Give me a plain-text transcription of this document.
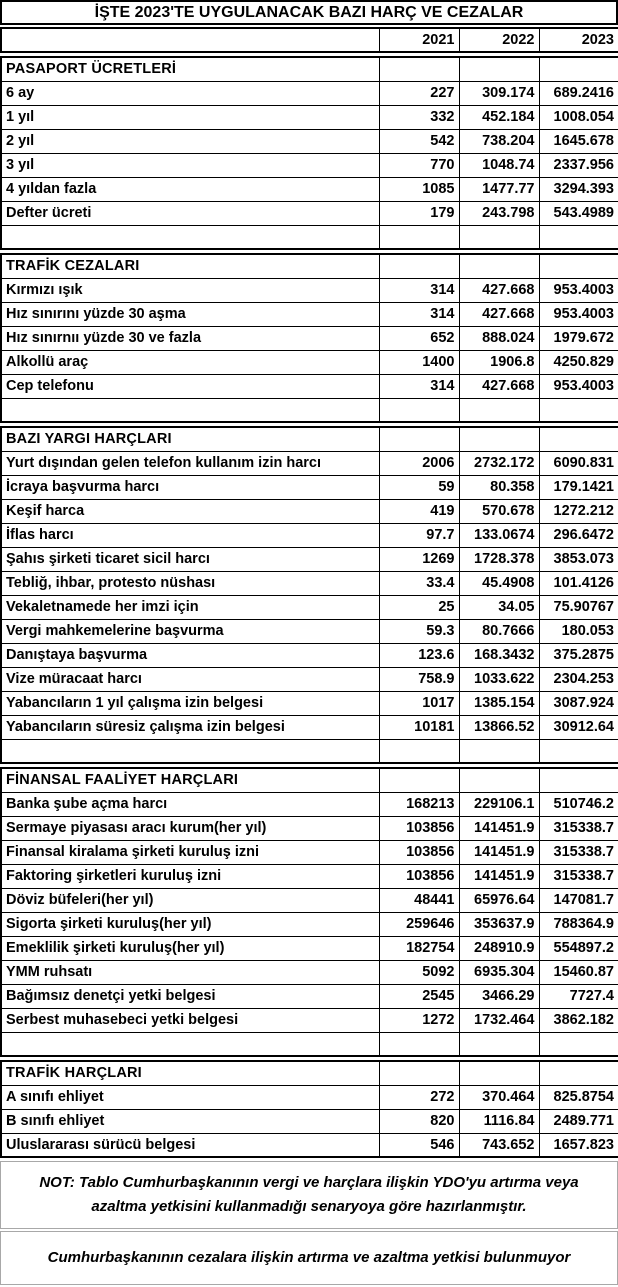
İŞTE 2023'TE UYGULANACAK BAZI HARÇ VE CEZALAR
	2021	2022	2023
PASAPORT ÜCRETLERİ			
6 ay	227	309.174	689.2416
1 yıl	332	452.184	1008.054
2 yıl	542	738.204	1645.678
3 yıl	770	1048.74	2337.956
4 yıldan fazla	1085	1477.77	3294.393
Defter ücreti	179	243.798	543.4989

TRAFİK CEZALARI			
Kırmızı ışık	314	427.668	953.4003
Hız sınırını yüzde 30 aşma	314	427.668	953.4003
Hız sınırnıı yüzde 30 ve fazla	652	888.024	1979.672
Alkollü araç	1400	1906.8	4250.829
Cep telefonu	314	427.668	953.4003

BAZI YARGI HARÇLARI			
Yurt dışından gelen telefon kullanım izin harcı	2006	2732.172	6090.831
İcraya başvurma harcı	59	80.358	179.1421
Keşif harca	419	570.678	1272.212
İflas harcı	97.7	133.0674	296.6472
Şahıs şirketi ticaret sicil harcı	1269	1728.378	3853.073
Tebliğ, ihbar, protesto nüshası	33.4	45.4908	101.4126
Vekaletnamede her imzi için	25	34.05	75.90767
Vergi mahkemelerine başvurma	59.3	80.7666	180.053
Danıştaya başvurma	123.6	168.3432	375.2875
Vize müracaat harcı	758.9	1033.622	2304.253
Yabancıların 1 yıl çalışma izin belgesi	1017	1385.154	3087.924
Yabancıların süresiz çalışma izin belgesi	10181	13866.52	30912.64

FİNANSAL FAALİYET HARÇLARI			
Banka şube açma harcı	168213	229106.1	510746.2
Sermaye piyasası aracı kurum(her yıl)	103856	141451.9	315338.7
Finansal kiralama şirketi kuruluş izni	103856	141451.9	315338.7
Faktoring şirketleri kuruluş izni	103856	141451.9	315338.7
Döviz büfeleri(her yıl)	48441	65976.64	147081.7
Sigorta şirketi kuruluş(her yıl)	259646	353637.9	788364.9
Emeklilik şirketi kuruluş(her yıl)	182754	248910.9	554897.2
YMM ruhsatı	5092	6935.304	15460.87
Bağımsız denetçi yetki belgesi	2545	3466.29	7727.4
Serbest muhasebeci yetki belgesi	1272	1732.464	3862.182

TRAFİK HARÇLARI			
A sınıfı ehliyet	272	370.464	825.8754
B sınıfı ehliyet	820	1116.84	2489.771
Uluslararası sürücü belgesi	546	743.652	1657.823
NOT: Tablo Cumhurbaşkanının vergi ve harçlara ilişkin YDO'yu artırma veya azaltma yetkisini kullanmadığı senaryoya göre hazırlanmıştır.
Cumhurbaşkanının cezalara ilişkin artırma ve azaltma yetkisi bulunmuyor
